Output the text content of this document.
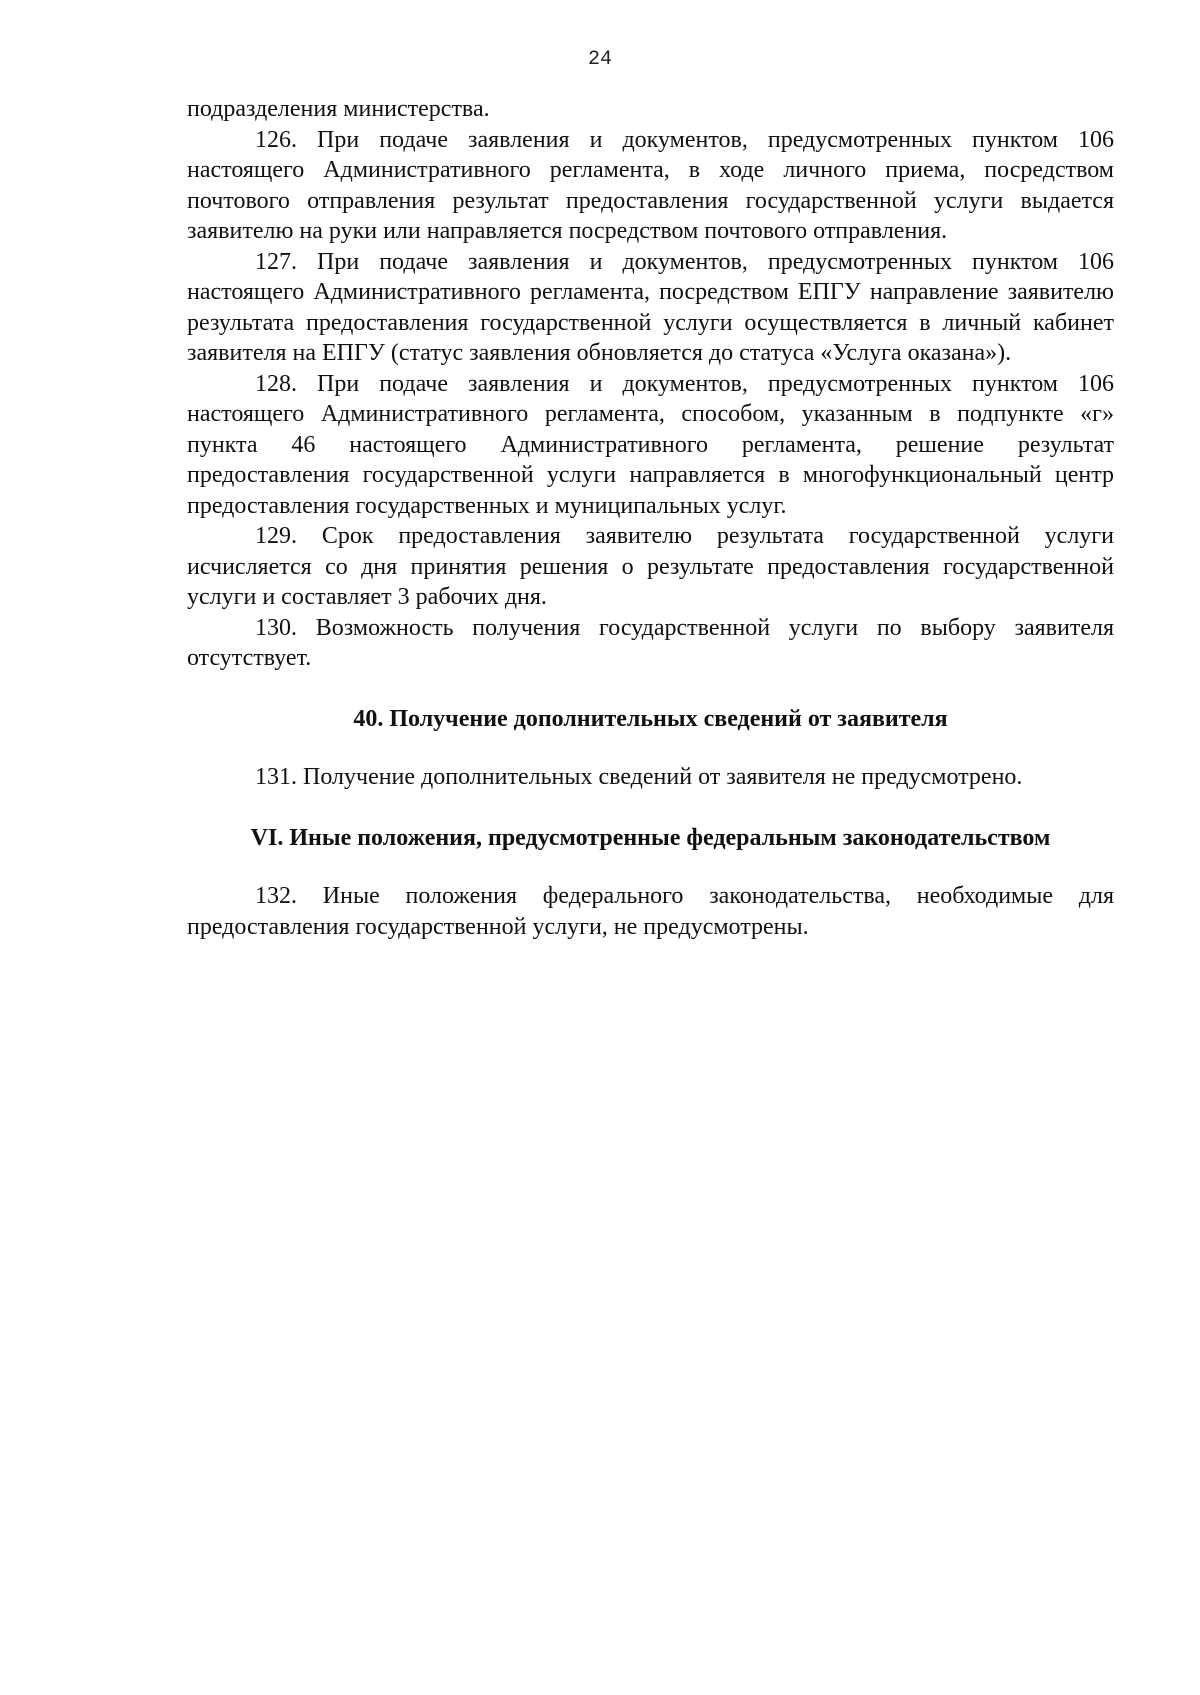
24

подразделения министерства.

126. При подаче заявления и документов, предусмотренных пунктом 106 настоящего Административного регламента, в ходе личного приема, посредством почтового отправления результат предоставления государственной услуги выдается заявителю на руки или направляется посредством почтового отправления.

127. При подаче заявления и документов, предусмотренных пунктом 106 настоящего Административного регламента, посредством ЕПГУ направление заявителю результата предоставления государственной услуги осуществляется в личный кабинет заявителя на ЕПГУ (статус заявления обновляется до статуса «Услуга оказана»).

128. При подаче заявления и документов, предусмотренных пунктом 106 настоящего Административного регламента, способом, указанным в подпункте «г» пункта 46 настоящего Административного регламента, решение результат предоставления государственной услуги направляется в многофункциональный центр предоставления государственных и муниципальных услуг.

129. Срок предоставления заявителю результата государственной услуги исчисляется со дня принятия решения о результате предоставления государственной услуги и составляет 3 рабочих дня.

130. Возможность получения государственной услуги по выбору заявителя отсутствует.

40. Получение дополнительных сведений от заявителя

131. Получение дополнительных сведений от заявителя не предусмотрено.

VI. Иные положения, предусмотренные федеральным законодательством

132. Иные положения федерального законодательства, необходимые для предоставления государственной услуги, не предусмотрены.
